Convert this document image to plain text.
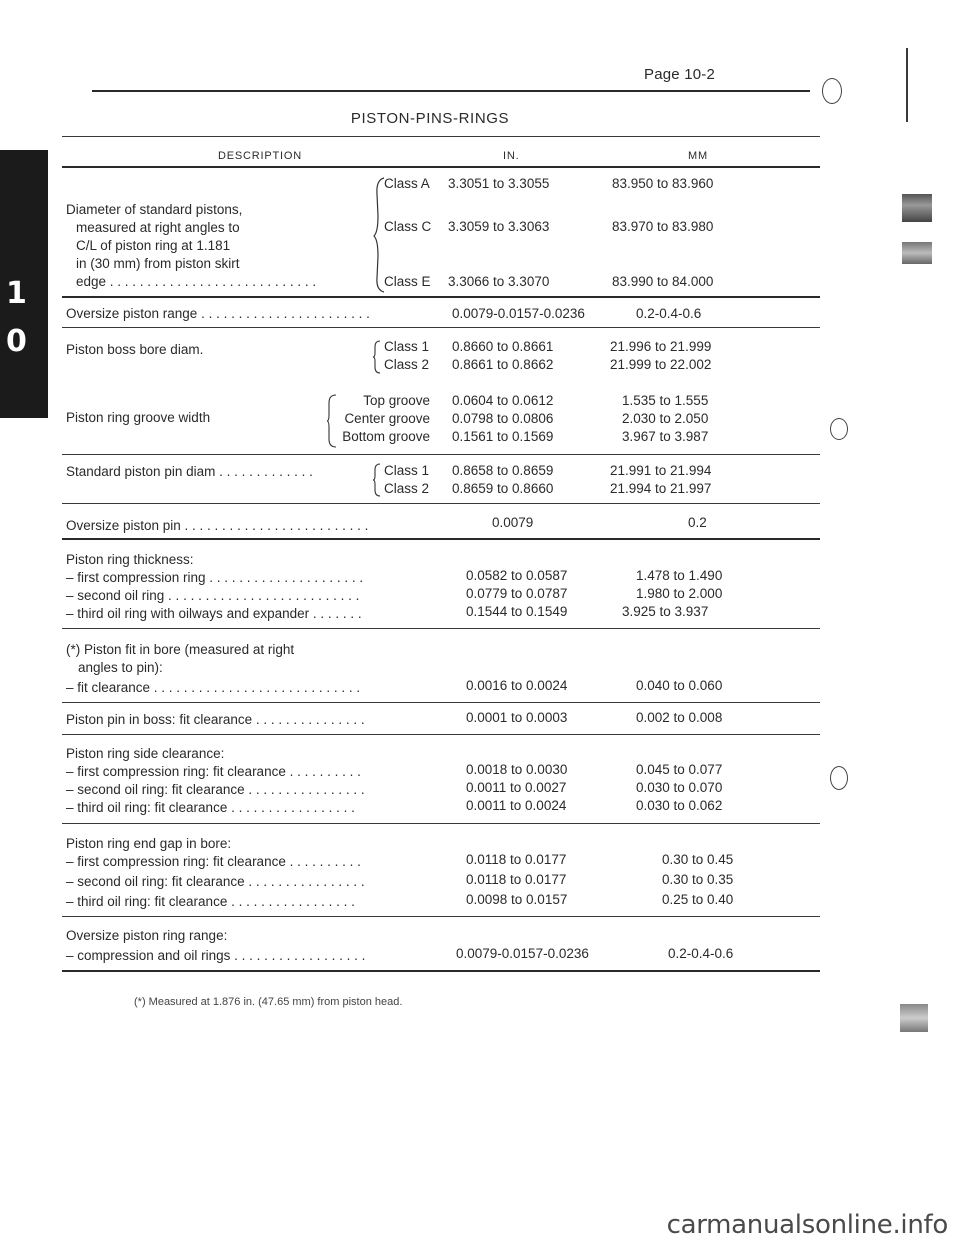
1
0
Page 10-2
PISTON-PINS-RINGS
DESCRIPTION	IN.	MM
Diameter of standard pistons,
measured at right angles to
C/L of piston ring at 1.181
in (30 mm) from piston skirt
edge . . . . . . . . . . . . . . . . . . . . . . . . . . . .
Class A 3.3051 to 3.3055	83.950 to 83.960
Class C 3.3059 to 3.3063	83.970 to 83.980
Class E 3.3066 to 3.3070	83.990 to 84.000
Oversize piston range . . . . . . . . . . . . . . . . . . . . . . .	0.0079-0.0157-0.0236	0.2-0.4-0.6
Piston boss bore diam.	Class 1 0.8660 to 0.8661	21.996 to 21.999
Class 2 0.8661 to 0.8662	21.999 to 22.002
Piston ring groove width
Top groove 0.0604 to 0.0612	1.535 to 1.555
Center groove 0.0798 to 0.0806	2.030 to 2.050
Bottom groove 0.1561 to 0.1569	3.967 to 3.987
Standard piston pin diam . . . . . . . . . . . . .	Class 1 0.8658 to 0.8659	21.991 to 21.994
Class 2 0.8659 to 0.8660	21.994 to 21.997
Oversize piston pin . . . . . . . . . . . . . . . . . . . . . . . . .	0.0079	0.2
Piston ring thickness:
– first compression ring . . . . . . . . . . . . . . . . . . . . .	0.0582 to 0.0587	1.478 to 1.490
– second oil ring . . . . . . . . . . . . . . . . . . . . . . . . . .	0.0779 to 0.0787	1.980 to 2.000
– third oil ring with oilways and expander . . . . . . .	0.1544 to 0.1549	3.925 to 3.937
(*) Piston fit in bore (measured at right
angles to pin):
– fit clearance . . . . . . . . . . . . . . . . . . . . . . . . . . . .	0.0016 to 0.0024	0.040 to 0.060
Piston pin in boss: fit clearance . . . . . . . . . . . . . . .	0.0001 to 0.0003	0.002 to 0.008
Piston ring side clearance:
– first compression ring: fit clearance . . . . . . . . . .	0.0018 to 0.0030	0.045 to 0.077
– second oil ring: fit clearance . . . . . . . . . . . . . . . .	0.0011 to 0.0027	0.030 to 0.070
– third oil ring: fit clearance . . . . . . . . . . . . . . . . .	0.0011 to 0.0024	0.030 to 0.062
Piston ring end gap in bore:
– first compression ring: fit clearance . . . . . . . . . .	0.0118 to 0.0177	0.30 to 0.45
– second oil ring: fit clearance . . . . . . . . . . . . . . . .	0.0118 to 0.0177	0.30 to 0.35
– third oil ring: fit clearance . . . . . . . . . . . . . . . . .	0.0098 to 0.0157	0.25 to 0.40
Oversize piston ring range:
– compression and oil rings . . . . . . . . . . . . . . . . . .	0.0079-0.0157-0.0236	0.2-0.4-0.6
(*) Measured at 1.876 in. (47.65 mm) from piston head.
carmanualsonline.info
